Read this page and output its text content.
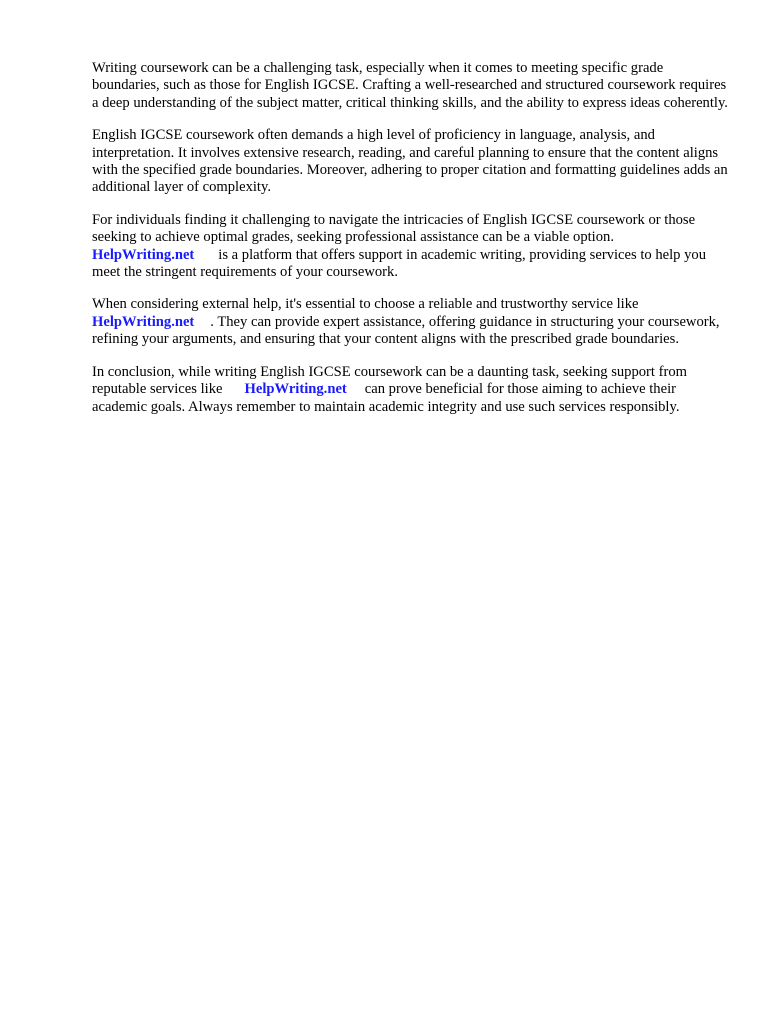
Writing coursework can be a challenging task, especially when it comes to meeting specific grade boundaries, such as those for English IGCSE. Crafting a well-researched and structured coursework requires a deep understanding of the subject matter, critical thinking skills, and the ability to express ideas coherently.

English IGCSE coursework often demands a high level of proficiency in language, analysis, and interpretation. It involves extensive research, reading, and careful planning to ensure that the content aligns with the specified grade boundaries. Moreover, adhering to proper citation and formatting guidelines adds an additional layer of complexity.

For individuals finding it challenging to navigate the intricacies of English IGCSE coursework or those seeking to achieve optimal grades, seeking professional assistance can be a viable option.
HelpWriting.net is a platform that offers support in academic writing, providing services to help you meet the stringent requirements of your coursework.

When considering external help, it's essential to choose a reliable and trustworthy service like HelpWriting.net . They can provide expert assistance, offering guidance in structuring your coursework, refining your arguments, and ensuring that your content aligns with the prescribed grade boundaries.

In conclusion, while writing English IGCSE coursework can be a daunting task, seeking support from reputable services like HelpWriting.net can prove beneficial for those aiming to achieve their academic goals. Always remember to maintain academic integrity and use such services responsibly.
